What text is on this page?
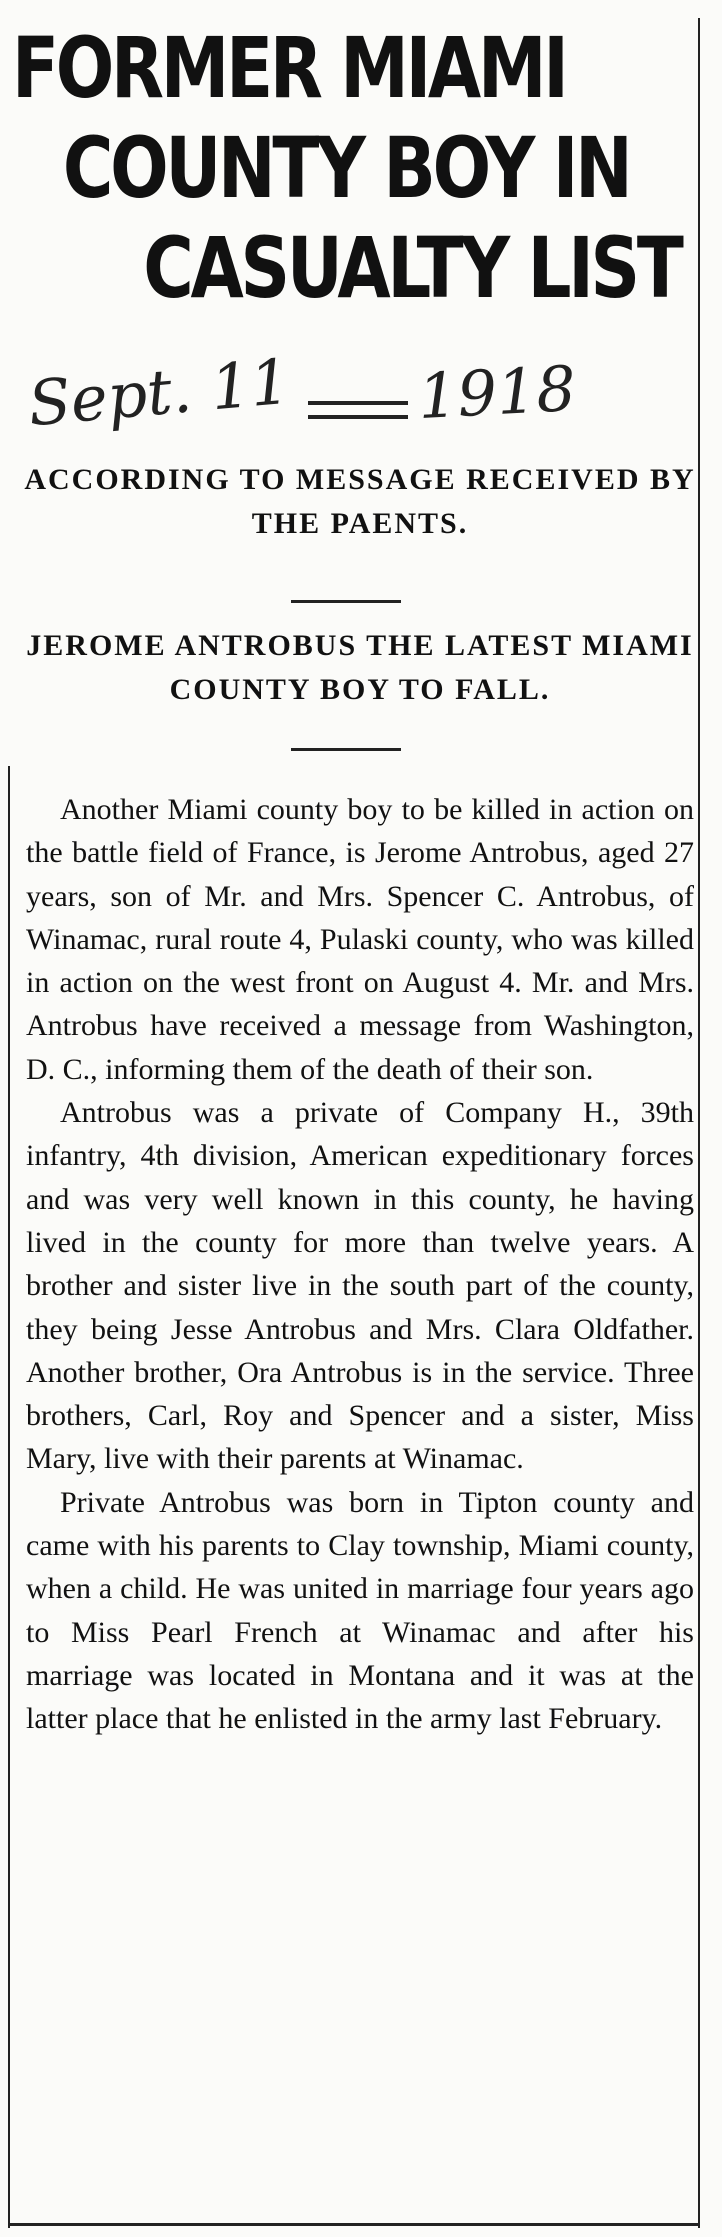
FORMER MIAMI
COUNTY BOY IN
CASUALTY LIST
Sept. 11 1918

ACCORDING TO MESSAGE RECEIVED BY THE PAENTS.

JEROME ANTROBUS THE LATEST MIAMI COUNTY BOY TO FALL.

Another Miami county boy to be killed in action on the battle field of France, is Jerome Antrobus, aged 27 years, son of Mr. and Mrs. Spencer C. Antrobus, of Winamac, rural route 4, Pulaski county, who was killed in action on the west front on August 4. Mr. and Mrs. Antrobus have received a message from Washington, D. C., informing them of the death of their son.

Antrobus was a private of Company H., 39th infantry, 4th division, American expeditionary forces and was very well known in this county, he having lived in the county for more than twelve years. A brother and sister live in the south part of the county, they being Jesse Antrobus and Mrs. Clara Oldfather. Another brother, Ora Antrobus is in the service. Three brothers, Carl, Roy and Spencer and a sister, Miss Mary, live with their parents at Winamac.

Private Antrobus was born in Tipton county and came with his parents to Clay township, Miami county, when a child. He was united in marriage four years ago to Miss Pearl French at Winamac and after his marriage was located in Montana and it was at the latter place that he enlisted in the army last February.
